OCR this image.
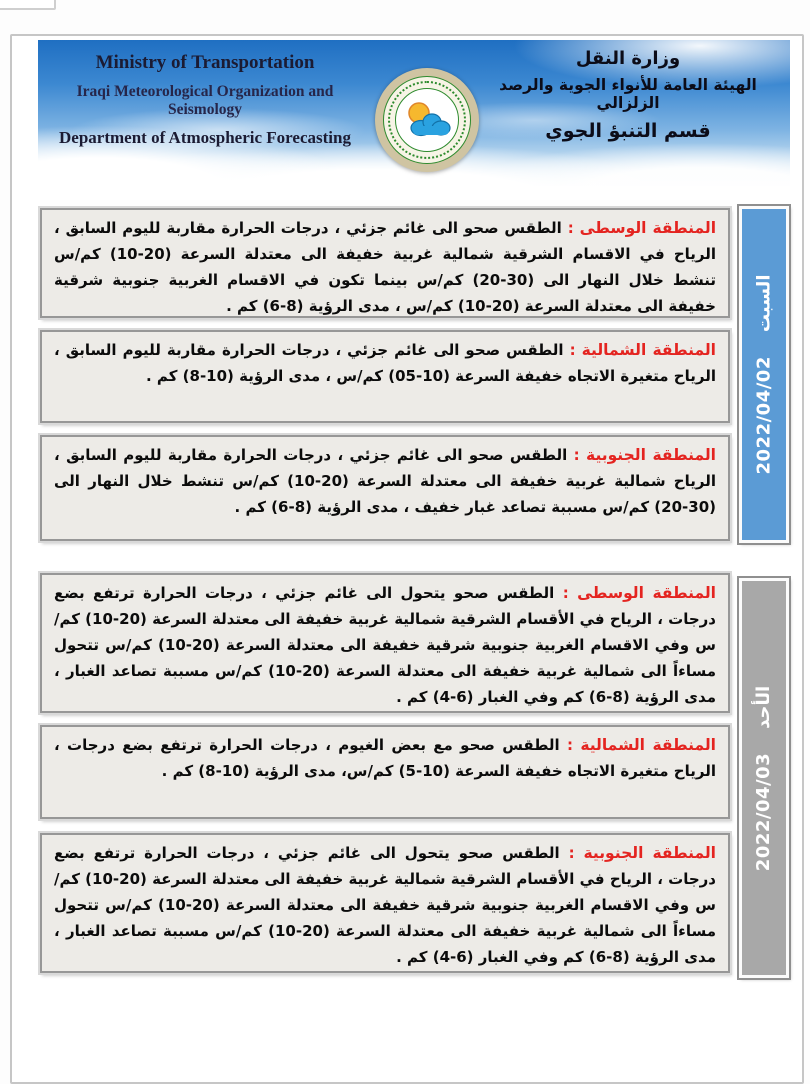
Ministry of Transportation
Iraqi Meteorological Organization and Seismology
Department of Atmospheric Forecasting
وزارة النقل
الهيئة العامة للأنواء الجوية والرصد الزلزالي
قسم التنبؤ الجوي
المنطقة الوسطى : الطقس صحو الى غائم جزئي ، درجات الحرارة مقاربة لليوم السابق ، الرياح في الاقسام الشرقية شمالية غربية خفيفة الى معتدلة السرعة (20-10) كم/س تنشط خلال النهار الى (30-20) كم/س بينما تكون في الاقسام الغربية جنوبية شرقية خفيفة الى معتدلة السرعة (20-10) كم/س ، مدى الرؤية (8-6) كم .
المنطقة الشمالية : الطقس صحو الى غائم جزئي ، درجات الحرارة مقاربة لليوم السابق ، الرياح متغيرة الاتجاه خفيفة السرعة (10-05) كم/س ، مدى الرؤية (10-8) كم .
المنطقة الجنوبية : الطقس صحو الى غائم جزئي ، درجات الحرارة مقاربة لليوم السابق ، الرياح شمالية غربية خفيفة الى معتدلة السرعة (20-10) كم/س تنشط خلال النهار الى (30-20) كم/س مسببة تصاعد غبار خفيف ، مدى الرؤية (8-6) كم .
المنطقة الوسطى : الطقس صحو يتحول الى غائم جزئي ، درجات الحرارة ترتفع بضع درجات ، الرياح في الأقسام الشرقية شمالية غربية خفيفة الى معتدلة السرعة (20-10) كم/س وفي الاقسام الغربية جنوبية شرقية خفيفة الى معتدلة السرعة (20-10) كم/س تتحول مساءاً الى شمالية غربية خفيفة الى معتدلة السرعة (20-10) كم/س مسببة تصاعد الغبار ، مدى الرؤية (8-6) كم وفي الغبار (6-4) كم .
المنطقة الشمالية : الطقس صحو مع بعض الغيوم ، درجات الحرارة ترتفع بضع درجات ، الرياح متغيرة الاتجاه خفيفة السرعة (10-5) كم/س، مدى الرؤية (10-8) كم .
المنطقة الجنوبية : الطقس صحو يتحول الى غائم جزئي ، درجات الحرارة ترتفع بضع درجات ، الرياح في الأقسام الشرقية شمالية غربية خفيفة الى معتدلة السرعة (20-10) كم/س وفي الاقسام الغربية جنوبية شرقية خفيفة الى معتدلة السرعة (20-10) كم/س تتحول مساءاً الى شمالية غربية خفيفة الى معتدلة السرعة (20-10) كم/س مسببة تصاعد الغبار ، مدى الرؤية (8-6) كم وفي الغبار (6-4) كم .
السبت
2022/04/02
الأحد
2022/04/03
